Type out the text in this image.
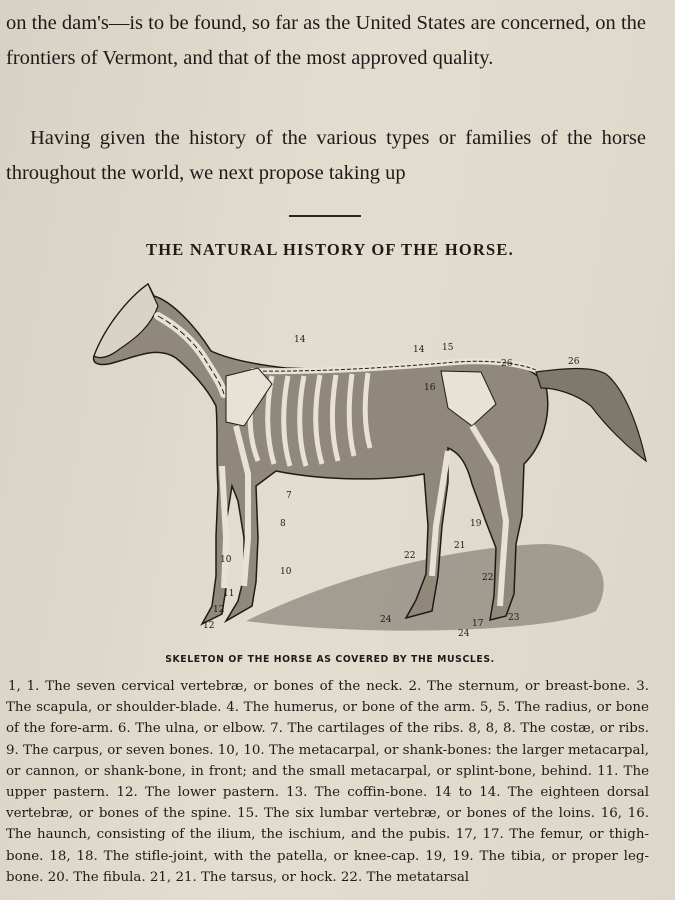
on the dam's—is to be found, so far as the United States are concerned, on the frontiers of Vermont, and that of the most approved quality.

Having given the history of the various types or families of the horse throughout the world, we next propose taking up

THE NATURAL HISTORY OF THE HORSE.
14
14 15
26	26
16
7
8
10
10
11
12
12
22
21
19
22
24
24
23
17

SKELETON OF THE HORSE AS COVERED BY THE MUSCLES.

1, 1. The seven cervical vertebræ, or bones of the neck. 2. The sternum, or breast-bone. 3. The scapula, or shoulder-blade. 4. The humerus, or bone of the arm. 5, 5. The radius, or bone of the fore-arm. 6. The ulna, or elbow. 7. The cartilages of the ribs. 8, 8, 8. The costæ, or ribs. 9. The carpus, or seven bones. 10, 10. The metacarpal, or shank-bones: the larger metacarpal, or cannon, or shank-bone, in front; and the small metacarpal, or splint-bone, behind. 11. The upper pastern. 12. The lower pastern. 13. The coffin-bone. 14 to 14. The eighteen dorsal vertebræ, or bones of the spine. 15. The six lumbar vertebræ, or bones of the loins. 16, 16. The haunch, consisting of the ilium, the ischium, and the pubis. 17, 17. The femur, or thigh-bone. 18, 18. The stifle-joint, with the patella, or knee-cap. 19, 19. The tibia, or proper leg-bone. 20. The fibula. 21, 21. The tarsus, or hock. 22. The metatarsal
